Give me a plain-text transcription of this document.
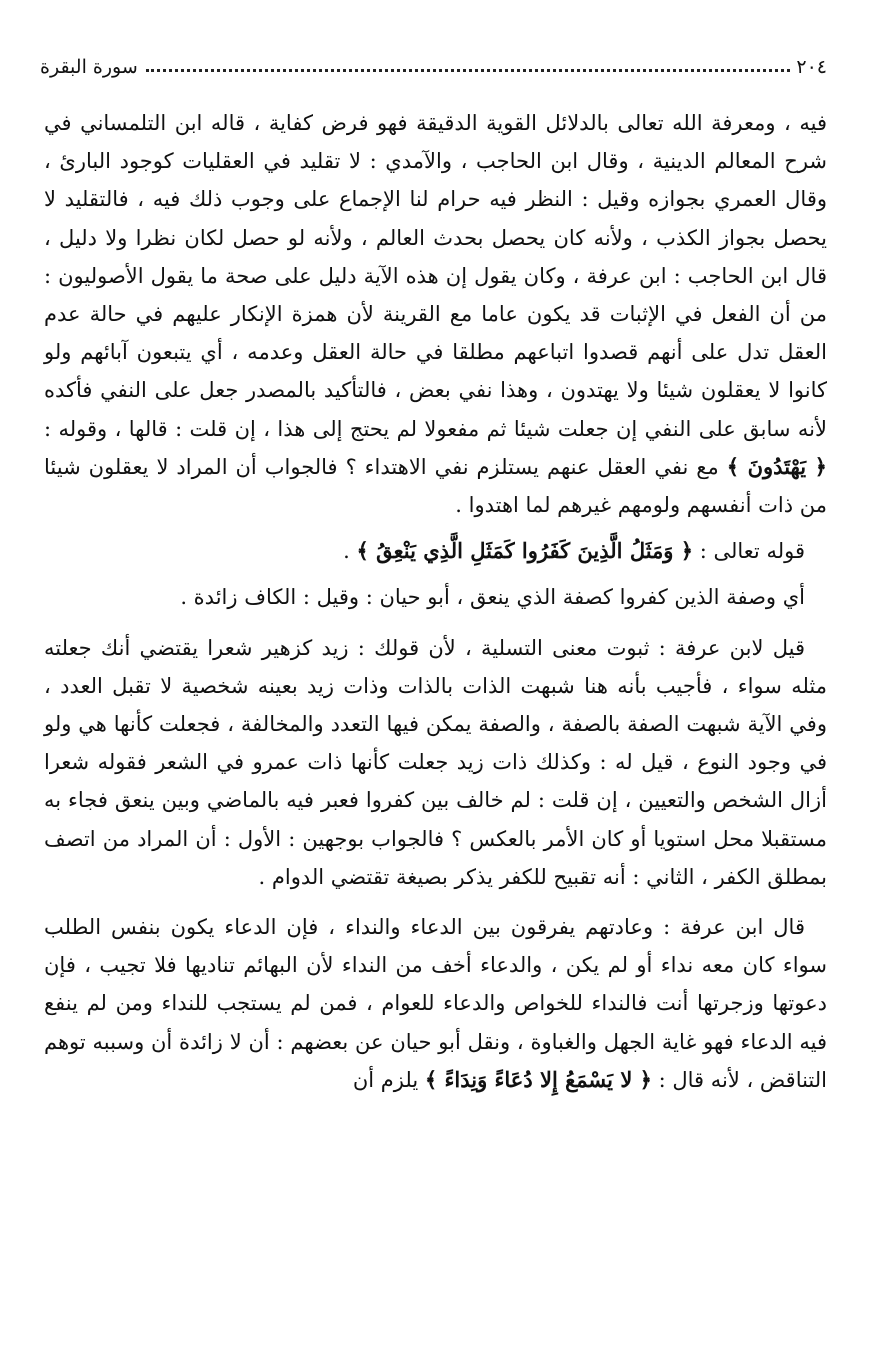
٢٠٤
سورة البقرة

فيه ، ومعرفة الله تعالى بالدلائل القوية الدقيقة فهو فرض كفاية ، قاله ابن التلمساني في شرح المعالم الدينية ، وقال ابن الحاجب ، والآمدي : لا تقليد في العقليات كوجود البارئ ، وقال العمري بجوازه وقيل : النظر فيه حرام لنا الإجماع على وجوب ذلك فيه ، فالتقليد لا يحصل بجواز الكذب ، ولأنه كان يحصل بحدث العالم ، ولأنه لو حصل لكان نظرا ولا دليل ، قال ابن الحاجب : ابن عرفة ، وكان يقول إن هذه الآية دليل على صحة ما يقول الأصوليون : من أن الفعل في الإثبات قد يكون عاما مع القرينة لأن همزة الإنكار عليهم في حالة عدم العقل تدل على أنهم قصدوا اتباعهم مطلقا في حالة العقل وعدمه ، أي يتبعون آبائهم ولو كانوا لا يعقلون شيئا ولا يهتدون ، وهذا نفي بعض ، فالتأكيد بالمصدر جعل على النفي فأكده لأنه سابق على النفي إن جعلت شيئا ثم مفعولا لم يحتج إلى هذا ، إن قلت : قالها ، وقوله : ﴿ يَهْتَدُونَ ﴾ مع نفي العقل عنهم يستلزم نفي الاهتداء ؟ فالجواب أن المراد لا يعقلون شيئا من ذات أنفسهم ولومهم غيرهم لما اهتدوا .

قوله تعالى : ﴿ وَمَثَلُ الَّذِينَ كَفَرُوا كَمَثَلِ الَّذِي يَنْعِقُ ﴾ .

أي وصفة الذين كفروا كصفة الذي ينعق ، أبو حيان : وقيل : الكاف زائدة .

قيل لابن عرفة : ثبوت معنى التسلية ، لأن قولك : زيد كزهير شعرا يقتضي أنك جعلته مثله سواء ، فأجيب بأنه هنا شبهت الذات بالذات وذات زيد بعينه شخصية لا تقبل العدد ، وفي الآية شبهت الصفة بالصفة ، والصفة يمكن فيها التعدد والمخالفة ، فجعلت كأنها هي ولو في وجود النوع ، قيل له : وكذلك ذات زيد جعلت كأنها ذات عمرو في الشعر فقوله شعرا أزال الشخص والتعيين ، إن قلت : لم خالف بين كفروا فعبر فيه بالماضي وبين ينعق فجاء به مستقبلا محل استويا أو كان الأمر بالعكس ؟ فالجواب بوجهين : الأول : أن المراد من اتصف بمطلق الكفر ، الثاني : أنه تقبيح للكفر يذكر بصيغة تقتضي الدوام .

قال ابن عرفة : وعادتهم يفرقون بين الدعاء والنداء ، فإن الدعاء يكون بنفس الطلب سواء كان معه نداء أو لم يكن ، والدعاء أخف من النداء لأن البهائم تناديها فلا تجيب ، فإن دعوتها وزجرتها أنت فالنداء للخواص والدعاء للعوام ، فمن لم يستجب للنداء ومن لم ينفع فيه الدعاء فهو غاية الجهل والغباوة ، ونقل أبو حيان عن بعضهم : أن لا زائدة أن وسببه توهم التناقض ، لأنه قال : ﴿ لا يَسْمَعُ إِلا دُعَاءً وَنِدَاءً ﴾ يلزم أن
